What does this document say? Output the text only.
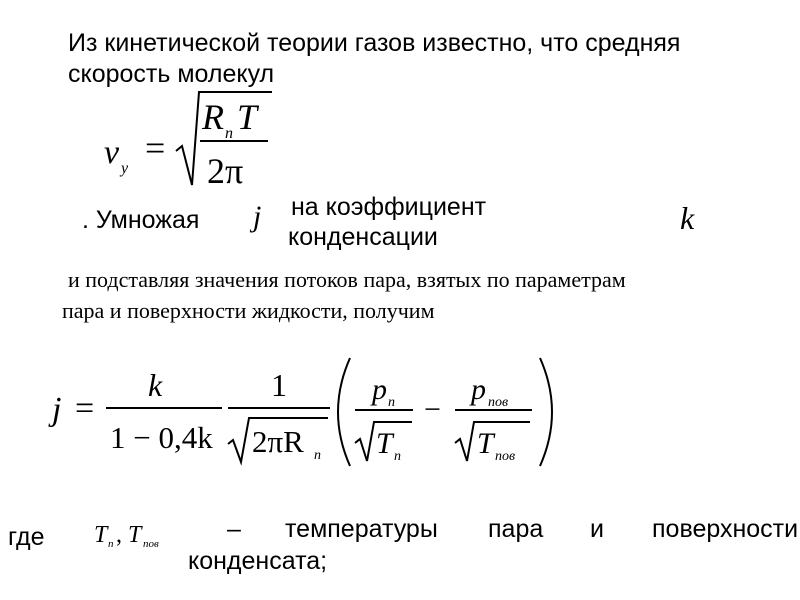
Из кинетической теории газов известно, что средняя
скорость молекул
v у
=
R п T
2π
. Умножая j на коэффициент
конденсации
k
и подставляя значения потоков пара, взятых по параметрам
пара и поверхности жидкости, получим
j =
k
1 − 0,4k
1
2πR п
p п
T п
−
p пов
T пов
где T п , T пов
– температуры пара и поверхности
конденсата;
